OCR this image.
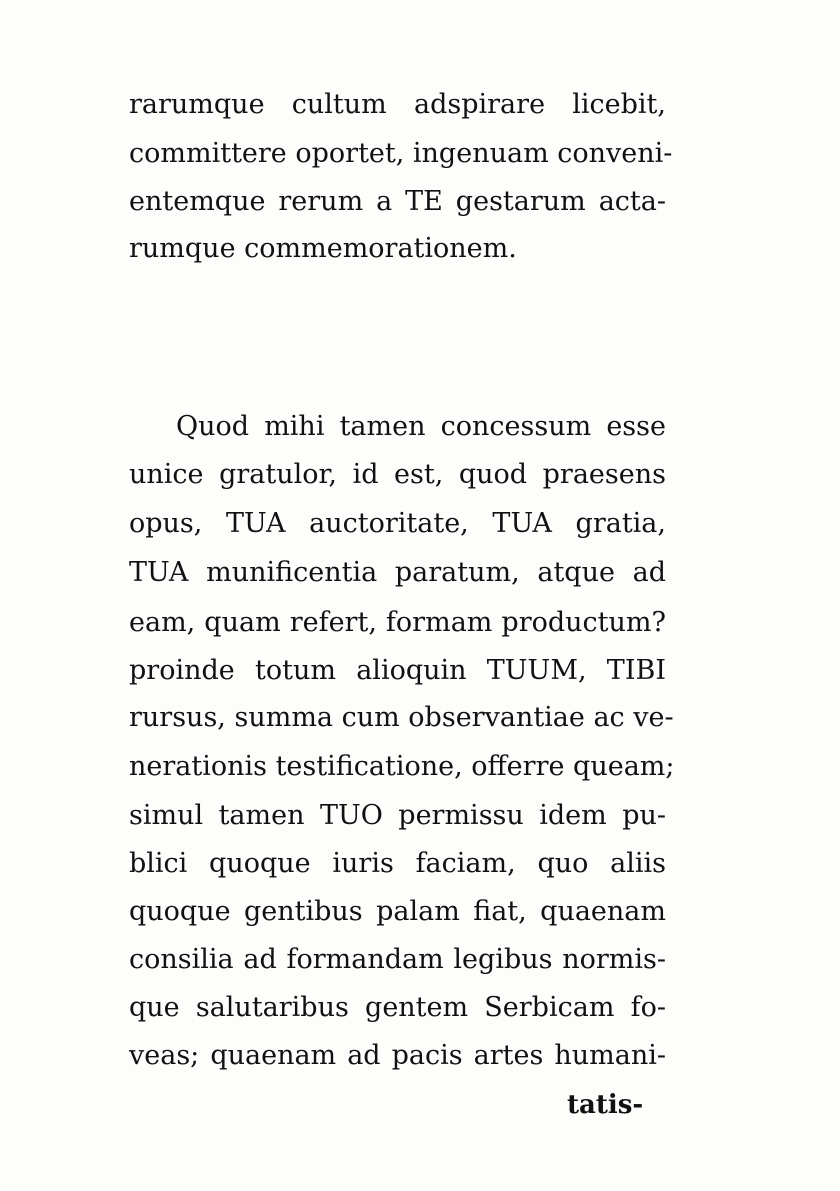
rarumque cultum adspirare licebit,
committere oportet, ingenuam conveni-
entemque rerum a TE gestarum acta-
rumque commemorationem.
Quod mihi tamen concessum esse
unice gratulor, id est, quod praesens
opus, TUA auctoritate, TUA gratia,
TUA munificentia paratum, atque ad
eam, quam refert, formam productum?
proinde totum alioquin TUUM, TIBI
rursus, summa cum observantiae ac ve-
nerationis testificatione, offerre queam;
simul tamen TUO permissu idem pu-
blici quoque iuris faciam, quo aliis
quoque gentibus palam fiat, quaenam
consilia ad formandam legibus normis-
que salutaribus gentem Serbicam fo-
veas; quaenam ad pacis artes humani-
tatis-
